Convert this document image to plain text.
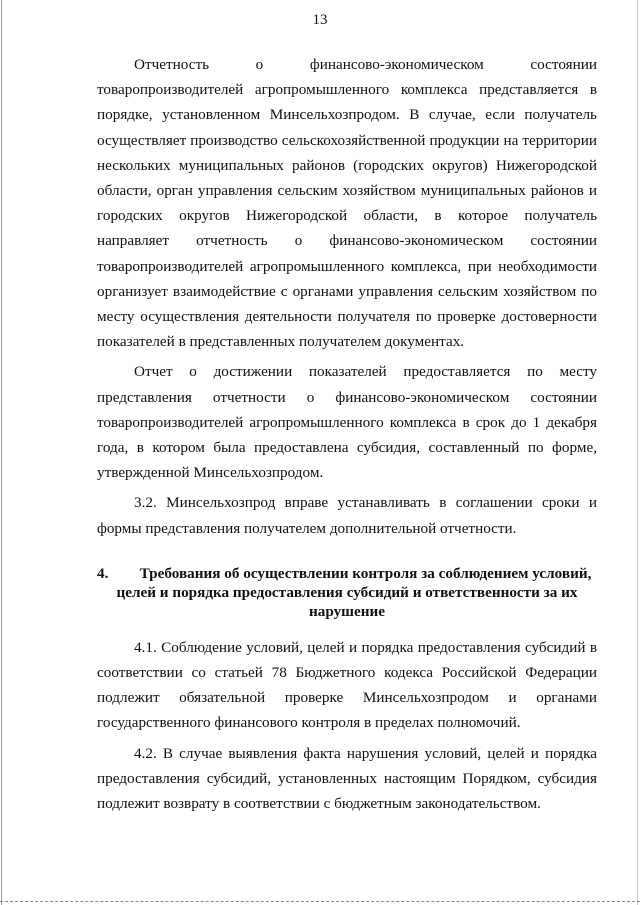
13

Отчетность о финансово-экономическом состоянии товаропроизводителей агропромышленного комплекса представляется в порядке, установленном Минсельхозпродом. В случае, если получатель осуществляет производство сельскохозяйственной продукции на территории нескольких муниципальных районов (городских округов) Нижегородской области, орган управления сельским хозяйством муниципальных районов и городских округов Нижегородской области, в которое получатель направляет отчетность о финансово-экономическом состоянии товаропроизводителей агропромышленного комплекса, при необходимости организует взаимодействие с органами управления сельским хозяйством по месту осуществления деятельности получателя по проверке достоверности показателей в представленных получателем документах.

Отчет о достижении показателей предоставляется по месту представления отчетности о финансово-экономическом состоянии товаропроизводителей агропромышленного комплекса в срок до 1 декабря года, в котором была предоставлена субсидия, составленный по форме, утвержденной Минсельхозпродом.

3.2. Минсельхозпрод вправе устанавливать в соглашении сроки и формы представления получателем дополнительной отчетности.

4.	Требования об осуществлении контроля за соблюдением условий, целей и порядка предоставления субсидий и ответственности за их нарушение

4.1. Соблюдение условий, целей и порядка предоставления субсидий в соответствии со статьей 78 Бюджетного кодекса Российской Федерации подлежит обязательной проверке Минсельхозпродом и органами государственного финансового контроля в пределах полномочий.

4.2. В случае выявления факта нарушения условий, целей и порядка предоставления субсидий, установленных настоящим Порядком, субсидия подлежит возврату в соответствии с бюджетным законодательством.
